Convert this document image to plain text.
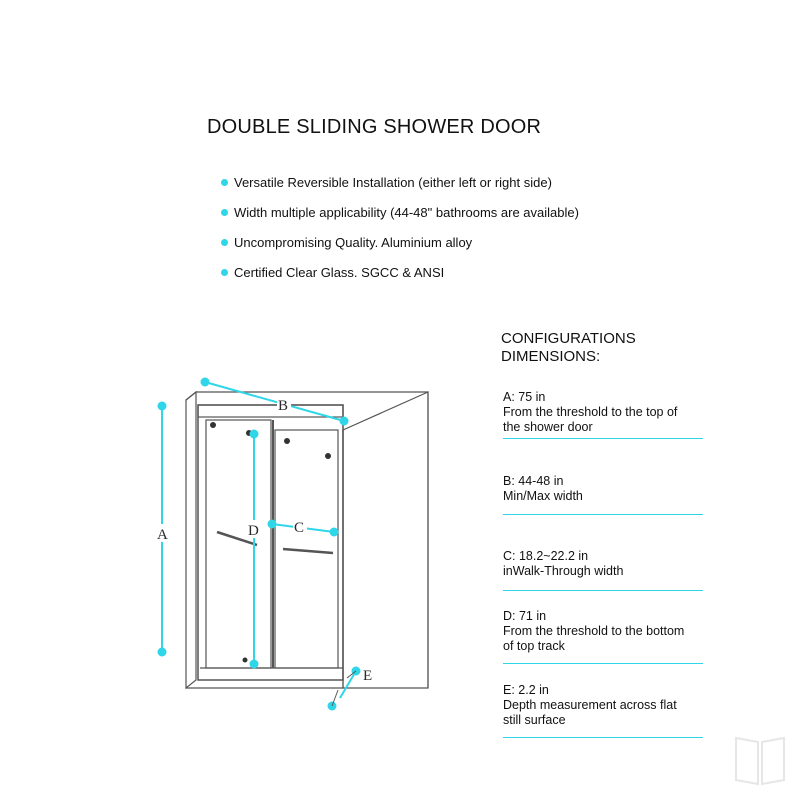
DOUBLE SLIDING SHOWER DOOR
Versatile Reversible Installation (either left or right side)
Width multiple applicability (44-48" bathrooms are available)
Uncompromising Quality. Aluminium alloy
Certified Clear Glass. SGCC & ANSI
A
B
C
D
E
CONFIGURATIONS
DIMENSIONS:
A: 75 in
From the threshold to the top of
the shower door
B: 44-48 in
Min/Max width
C: 18.2~22.2 in
inWalk-Through width
D: 71 in
From the threshold to the bottom
of top track
E: 2.2 in
Depth measurement across flat
still surface
